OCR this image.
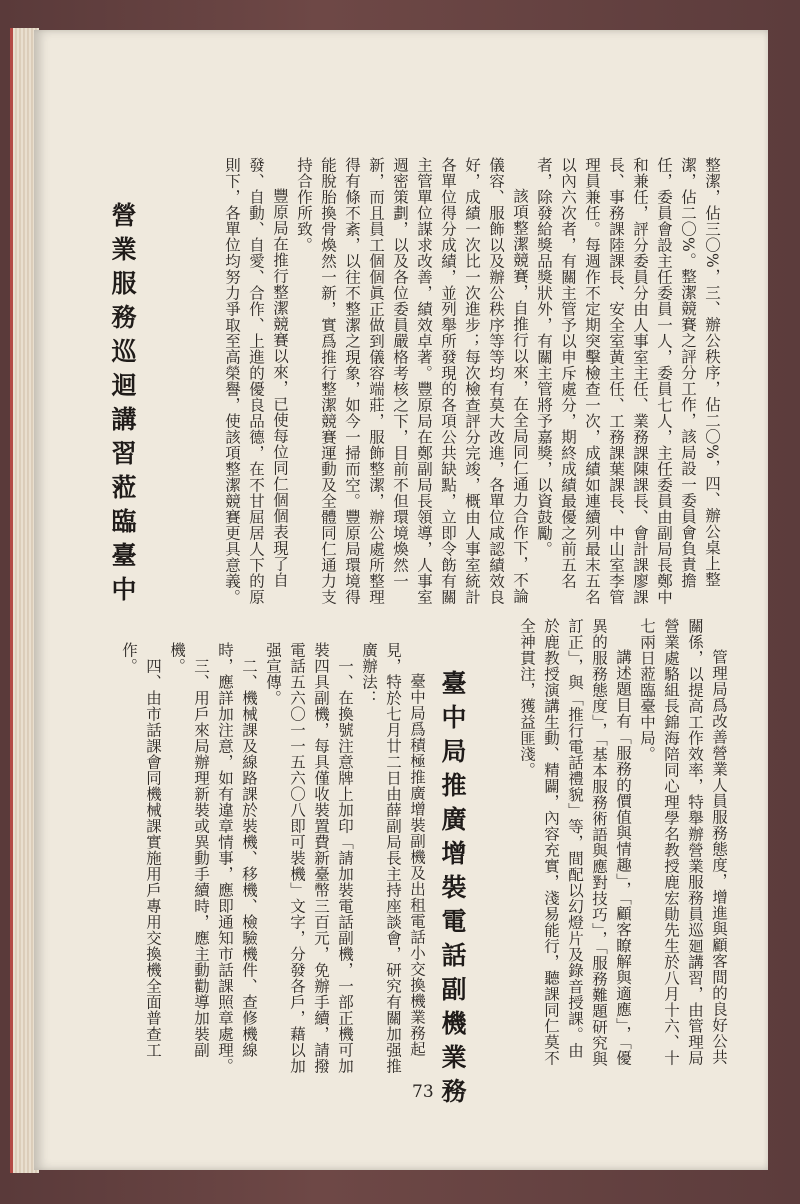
整潔，佔三〇%，三、辦公秩序，佔二〇%，四、辦公桌上整潔，佔二〇%。整潔競賽之評分工作，該局設一委員會負責擔任，委員會設主任委員一人，委員七人，主任委員由副局長鄭中和兼任，評分委員分由人事室主任、業務課陳課長、會計課廖課長、事務課陸課長、安全室黃主任、工務課葉課長、中山室李管理員兼任。每週作不定期突擊檢查一次，成績如連續列最末五名以內六次者，有關主管予以申斥處分，期終成績最優之前五名者，除發給獎品獎狀外，有關主管將予嘉獎，以資鼓勵。

該項整潔競賽，自推行以來，在全局同仁通力合作下，不論儀容、服飾以及辦公秩序等等均有莫大改進，各單位咸認績效良好，成績一次比一次進步；每次檢查評分完竣，概由人事室統計各單位得分成績，並列舉所發現的各項公共缺點，立即令飭有關主管單位謀求改善，績效卓著。豐原局在鄭副局長領導，人事室週密策劃，以及各位委員嚴格考核之下，目前不但環境煥然一新，而且員工個個眞正做到儀容端莊，服飾整潔，辦公處所整理得有條不紊，以往不整潔之現象，如今一掃而空。豐原局環境得能脫胎換骨煥然一新，實爲推行整潔競賽運動及全體同仁通力支持合作所致。

豐原局在推行整潔競賽以來，已使每位同仁個個表現了自發、自動、自愛、合作、上進的優良品德，在不甘屈居人下的原則下，各單位均努力爭取至高榮譽，使該項整潔競賽更具意義。

營業服務巡迴講習蒞臨臺中

管理局爲改善營業人員服務態度，增進與顧客間的良好公共關係，以提高工作效率，特舉辦營業服務員巡廻講習，由管理局營業處駱組長錦海陪同心理學名教授鹿宏勛先生於八月十六、十七兩日蒞臨臺中局。

講述題目有「服務的價值與情趣」，「顧客瞭解與適應」，「優異的服務態度」，「基本服務術語與應對技巧」，「服務難題研究與訂正」，與「推行電話禮貌」等，間配以幻燈片及錄音授課。由於鹿教授演講生動、精闢，內容充實，淺易能行，聽課同仁莫不全神貫注，獲益匪淺。

臺中局推廣增裝電話副機業務

臺中局爲積極推廣增裝副機及出租電話小交換機業務起見，特於七月廿二日由薛副局長主持座談會，研究有關加强推廣辦法：

一、在換號注意牌上加印「請加裝電話副機，一部正機可加裝四具副機，每具僅收裝置費新臺幣三百元，免辦手續，請撥電話五六〇一一五六〇八即可裝機」文字，分發各戶，藉以加强宣傳。

二、機械課及線路課於裝機、移機、檢驗機件、查修機線時，應詳加注意，如有違章情事，應即通知市話課照章處理。

三、用戶來局辦理新裝或異動手續時，應主動勸導加裝副機。

四、由市話課會同機械課實施用戶專用交換機全面普查工作。

73
